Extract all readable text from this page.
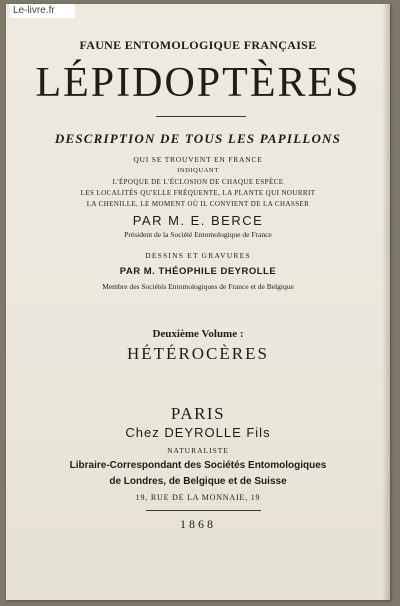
Le-livre.fr
FAUNE ENTOMOLOGIQUE FRANÇAISE
LÉPIDOPTÈRES
DESCRIPTION DE TOUS LES PAPILLONS
QUI SE TROUVENT EN FRANCE
INDIQUANT
L'ÉPOQUE DE L'ÉCLOSION DE CHAQUE ESPÈCE
LES LOCALITÉS QU'ELLE FRÉQUENTE, LA PLANTE QUI NOURRIT
LA CHENILLE, LE MOMENT OÙ IL CONVIENT DE LA CHASSER
PAR M. E. BERCE
Président de la Société Entomologique de France
DESSINS ET GRAVURES
PAR M. THÉOPHILE DEYROLLE
Membre des Sociétés Entomologiques de France et de Belgique
Deuxième Volume :
HÉTÉROCÈRES
PARIS
Chez DEYROLLE Fils
NATURALISTE
Libraire-Correspondant des Sociétés Entomologiques
de Londres, de Belgique et de Suisse
19, RUE DE LA MONNAIE, 19
1868
